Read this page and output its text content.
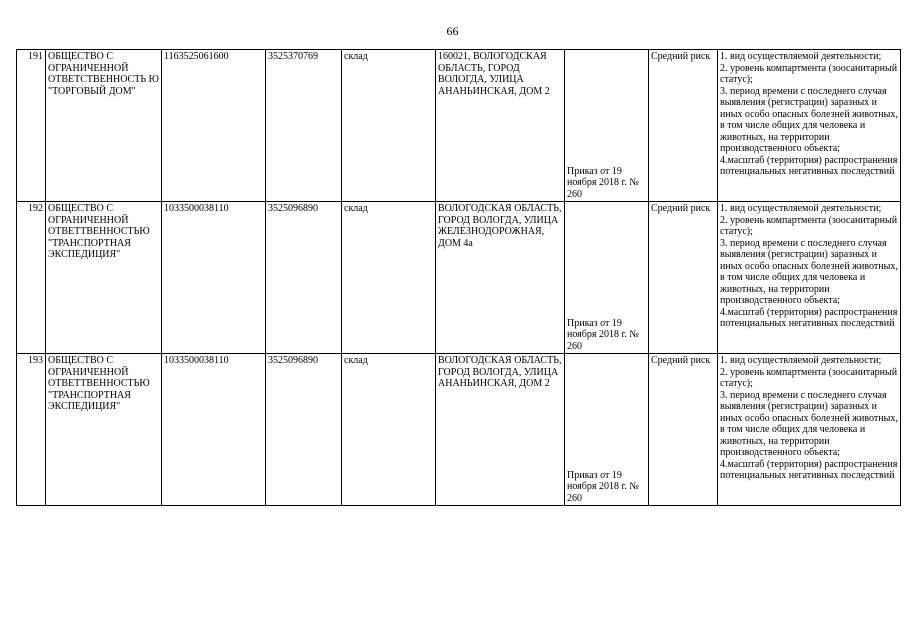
66
191	ОБЩЕСТВО С ОГРАНИЧЕННОЙ ОТВЕТСТВЕННОСТЬ Ю "ТОРГОВЫЙ ДОМ"	1163525061600	3525370769	склад	160021, ВОЛОГОДСКАЯ ОБЛАСТЬ, ГОРОД ВОЛОГДА, УЛИЦА АНАНЬИНСКАЯ, ДОМ 2	Приказ от 19 ноября 2018 г. № 260	Средний риск	1. вид осуществляемой деятельности;
2. уровень компартмента (зоосанитарный статус);
3. период времени с последнего случая выявления (регистрации) заразных и иных особо опасных болезней животных, в том числе общих для человека и животных, на территории производственного объекта;
4.масштаб (территория) распространения потенциальных негативных последствий

192	ОБЩЕСТВО С ОГРАНИЧЕННОЙ ОТВЕТТВЕННОСТЬЮ "ТРАНСПОРТНАЯ ЭКСПЕДИЦИЯ"	1033500038110	3525096890	склад	ВОЛОГОДСКАЯ ОБЛАСТЬ, ГОРОД ВОЛОГДА, УЛИЦА ЖЕЛЕЗНОДОРОЖНАЯ, ДОМ 4а	Приказ от 19 ноября 2018 г. № 260	Средний риск	1. вид осуществляемой деятельности;
2. уровень компартмента (зоосанитарный статус);
3. период времени с последнего случая выявления (регистрации) заразных и иных особо опасных болезней животных, в том числе общих для человека и животных, на территории производственного объекта;
4.масштаб (территория) распространения потенциальных негативных последствий

193	ОБЩЕСТВО С ОГРАНИЧЕННОЙ ОТВЕТТВЕННОСТЬЮ "ТРАНСПОРТНАЯ ЭКСПЕДИЦИЯ"	1033500038110	3525096890	склад	ВОЛОГОДСКАЯ ОБЛАСТЬ, ГОРОД ВОЛОГДА, УЛИЦА АНАНЬИНСКАЯ, ДОМ 2	Приказ от 19 ноября 2018 г. № 260	Средний риск	1. вид осуществляемой деятельности;
2. уровень компартмента (зоосанитарный статус);
3. период времени с последнего случая выявления (регистрации) заразных и иных особо опасных болезней животных, в том числе общих для человека и животных, на территории производственного объекта;
4.масштаб (территория) распространения потенциальных негативных последствий
